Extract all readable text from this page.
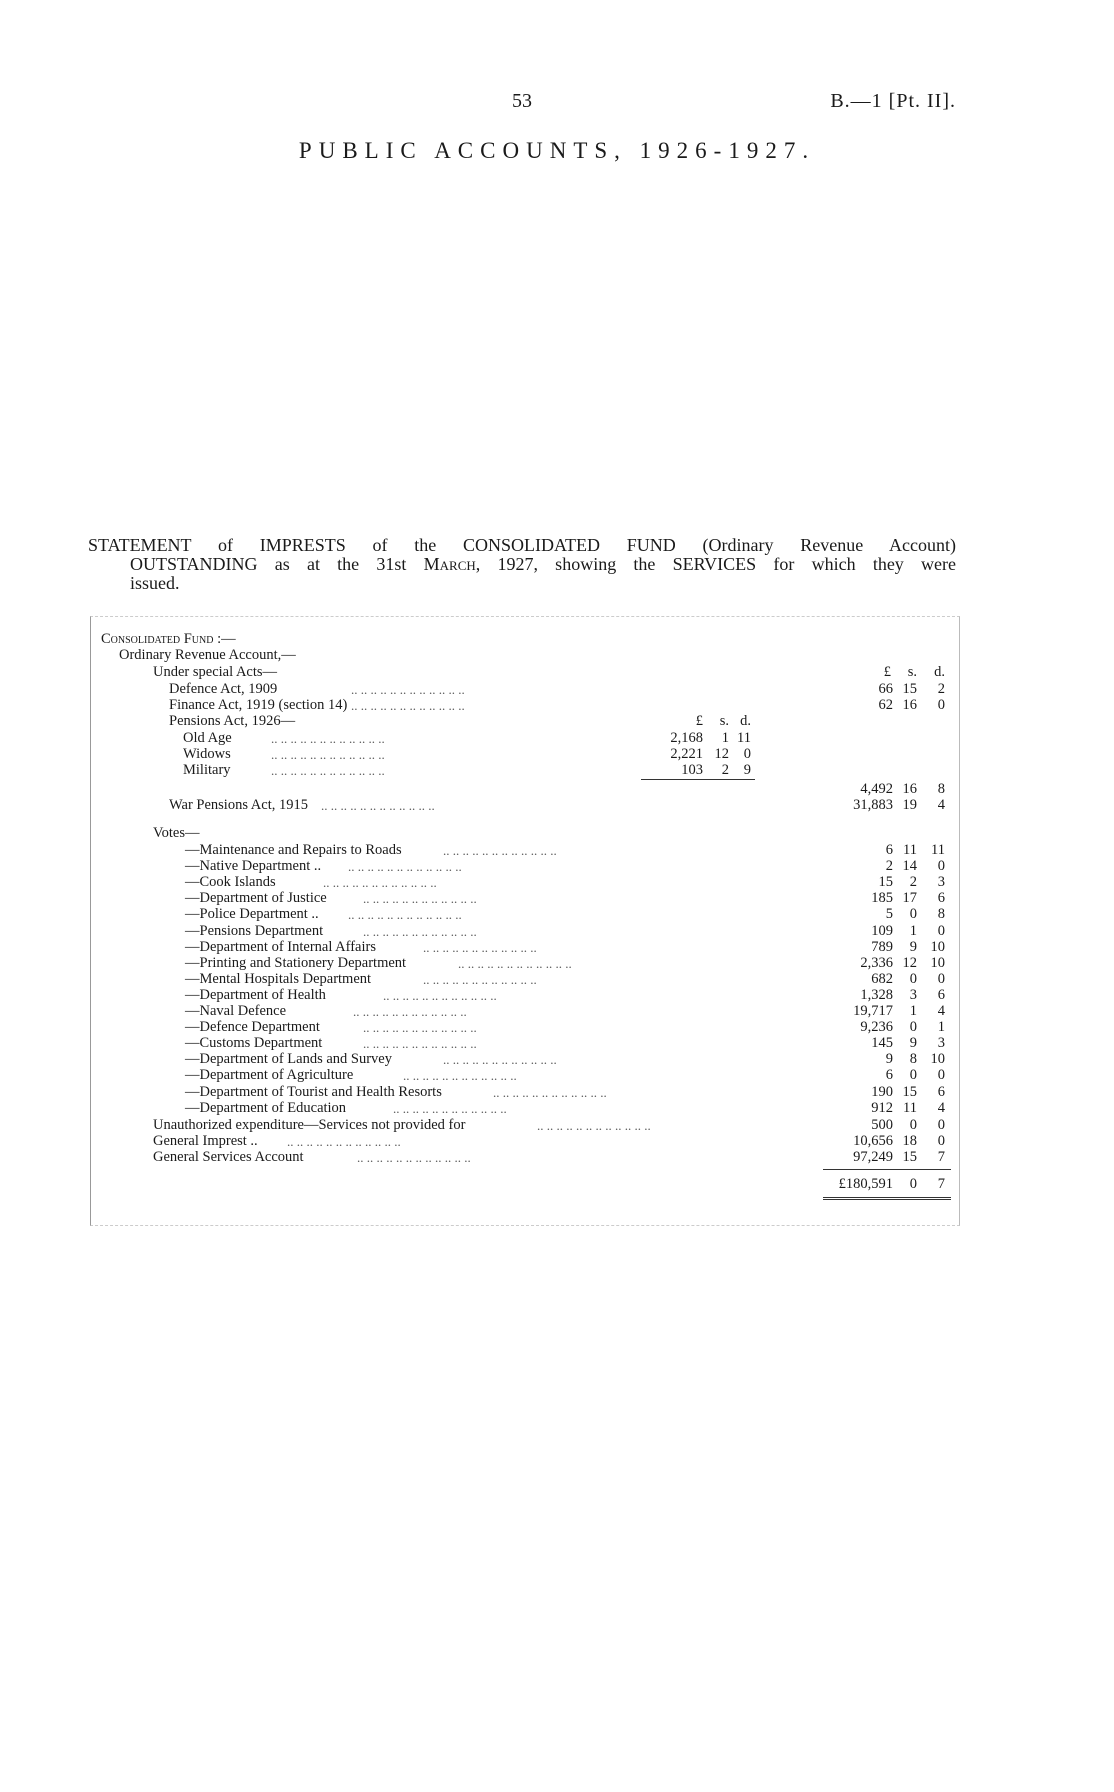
53	B.—1 [Pt. II].
PUBLIC ACCOUNTS, 1926-1927.
STATEMENT of IMPRESTS of the CONSOLIDATED FUND (Ordinary Revenue Account)
OUTSTANDING as at the 31st March, 1927, showing the SERVICES for which they were
issued.
Consolidated Fund :—
Ordinary Revenue Account,—
Under special Acts—	£	s.	d.
Defence Act, 1909	.. .. .. .. .. .. .. .. .. .. .. ..	66 15	2
Finance Act, 1919 (section 14) .. .. .. .. .. .. .. .. .. .. .. ..	62 16	0
Pensions Act, 1926—	£	s. d.
Old Age	.. .. .. .. .. .. .. .. .. .. .. ..	2,168	1 11
Widows	.. .. .. .. .. .. .. .. .. .. .. ..	2,221 12	0
Military	.. .. .. .. .. .. .. .. .. .. .. ..	103	2	9
4,492 16	8
War Pensions Act, 1915 .. .. .. .. .. .. .. .. .. .. .. ..	31,883 19	4
Votes—
—Maintenance and Repairs to Roads	.. .. .. .. .. .. .. .. .. .. .. ..	6 11 11
—Native Department .. .. .. .. .. .. .. .. .. .. .. .. ..	2 14	0
—Cook Islands	.. .. .. .. .. .. .. .. .. .. .. ..	15	2	3
—Department of Justice	.. .. .. .. .. .. .. .. .. .. .. ..	185 17	6
—Police Department .. .. .. .. .. .. .. .. .. .. .. .. ..	5	0	8
—Pensions Department	.. .. .. .. .. .. .. .. .. .. .. ..	109	1	0
—Department of Internal Affairs	.. .. .. .. .. .. .. .. .. .. .. ..	789	9 10
—Printing and Stationery Department	.. .. .. .. .. .. .. .. .. .. .. ..	2,336 12 10
—Mental Hospitals Department	.. .. .. .. .. .. .. .. .. .. .. ..	682	0	0
—Department of Health	.. .. .. .. .. .. .. .. .. .. .. ..	1,328	3	6
—Naval Defence	.. .. .. .. .. .. .. .. .. .. .. ..	19,717	1	4
—Defence Department	.. .. .. .. .. .. .. .. .. .. .. ..	9,236	0	1
—Customs Department	.. .. .. .. .. .. .. .. .. .. .. ..	145	9	3
—Department of Lands and Survey	.. .. .. .. .. .. .. .. .. .. .. ..	9	8 10
—Department of Agriculture	.. .. .. .. .. .. .. .. .. .. .. ..	6	0	0
—Department of Tourist and Health Resorts	.. .. .. .. .. .. .. .. .. .. .. ..	190 15	6
—Department of Education	.. .. .. .. .. .. .. .. .. .. .. ..	912 11	4
Unauthorized expenditure—Services not provided for	.. .. .. .. .. .. .. .. .. .. .. ..	500	0	0
General Imprest .. .. .. .. .. .. .. .. .. .. .. .. ..	10,656 18	0
General Services Account	.. .. .. .. .. .. .. .. .. .. .. ..	97,249 15	7
£180,591	0	7
